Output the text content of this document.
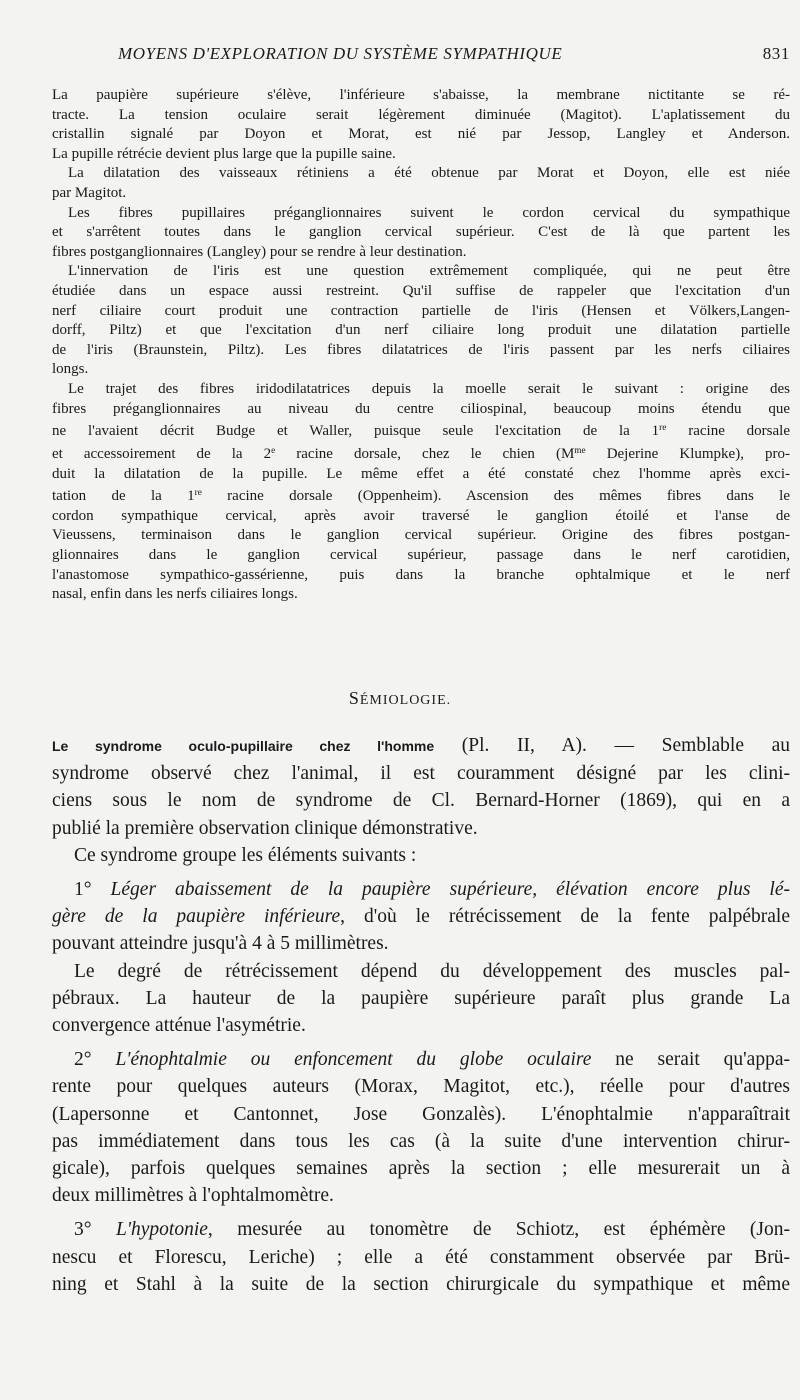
MOYENS D'EXPLORATION DU SYSTÈME SYMPATHIQUE	831
La paupière supérieure s'élève, l'inférieure s'abaisse, la membrane nictitante se ré-
tracte. La tension oculaire serait légèrement diminuée (Magitot). L'aplatissement du
cristallin signalé par Doyon et Morat, est nié par Jessop, Langley et Anderson.
La pupille rétrécie devient plus large que la pupille saine.
La dilatation des vaisseaux rétiniens a été obtenue par Morat et Doyon, elle est niée
par Magitot.
Les fibres pupillaires préganglionnaires suivent le cordon cervical du sympathique
et s'arrêtent toutes dans le ganglion cervical supérieur. C'est de là que partent les
fibres postganglionnaires (Langley) pour se rendre à leur destination.
L'innervation de l'iris est une question extrêmement compliquée, qui ne peut être
étudiée dans un espace aussi restreint. Qu'il suffise de rappeler que l'excitation d'un
nerf ciliaire court produit une contraction partielle de l'iris (Hensen et Völkers,Langen-
dorff, Piltz) et que l'excitation d'un nerf ciliaire long produit une dilatation partielle
de l'iris (Braunstein, Piltz). Les fibres dilatatrices de l'iris passent par les nerfs ciliaires
longs.
Le trajet des fibres iridodilatatrices depuis la moelle serait le suivant : origine des
fibres préganglionnaires au niveau du centre ciliospinal, beaucoup moins étendu que
ne l'avaient décrit Budge et Waller, puisque seule l'excitation de la 1re racine dorsale
et accessoirement de la 2e racine dorsale, chez le chien ($M^{me}$ Dejerine Klumpke), pro-
duit la dilatation de la pupille. Le même effet a été constaté chez l'homme après exci-
tation de la 1re racine dorsale (Oppenheim). Ascension des mêmes fibres dans le
cordon sympathique cervical, après avoir traversé le ganglion étoilé et l'anse de
Vieussens, terminaison dans le ganglion cervical supérieur. Origine des fibres postgan-
glionnaires dans le ganglion cervical supérieur, passage dans le nerf carotidien,
l'anastomose sympathico-gassérienne, puis dans la branche ophtalmique et le nerf
nasal, enfin dans les nerfs ciliaires longs.
SÉMIOLOGIE.
Le syndrome oculo-pupillaire chez l'homme (Pl. II, A). — Semblable au
syndrome observé chez l'animal, il est couramment désigné par les clini-
ciens sous le nom de syndrome de Cl. Bernard-Horner (1869), qui en a
publié la première observation clinique démonstrative.
Ce syndrome groupe les éléments suivants :
1° Léger abaissement de la paupière supérieure, élévation encore plus lé-
gère de la paupière inférieure, d'où le rétrécissement de la fente palpébrale
pouvant atteindre jusqu'à 4 à 5 millimètres.
Le degré de rétrécissement dépend du développement des muscles pal-
pébraux. La hauteur de la paupière supérieure paraît plus grande La
convergence atténue l'asymétrie.
2° L'énophtalmie ou enfoncement du globe oculaire ne serait qu'appa-
rente pour quelques auteurs (Morax, Magitot, etc.), réelle pour d'autres
(Lapersonne et Cantonnet, Jose Gonzalès). L'énophtalmie n'apparaîtrait
pas immédiatement dans tous les cas (à la suite d'une intervention chirur-
gicale), parfois quelques semaines après la section ; elle mesurerait un à
deux millimètres à l'ophtalmomètre.
3° L'hypotonie, mesurée au tonomètre de Schiotz, est éphémère (Jon-
nescu et Florescu, Leriche) ; elle a été constamment observée par Brü-
ning et Stahl à la suite de la section chirurgicale du sympathique et même
